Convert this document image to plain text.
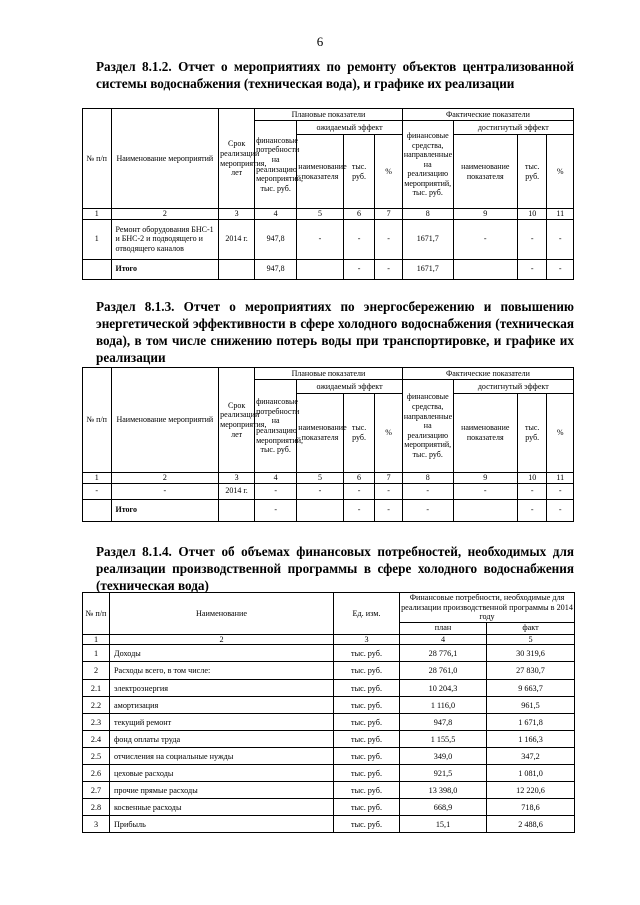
6
Раздел 8.1.2. Отчет о мероприятиях по ремонту объектов централизованной системы водоснабжения (техническая вода), и графике их реализации
№ п/п	Наименование мероприятий	Срок реализации мероприятия, лет	Плановые показатели				Фактические показатели			
			финансовые потребности на реализацию мероприятий, тыс. руб.	ожидаемый эффект			финансовые средства, направленные на реализацию мероприятий, тыс. руб.	достигнутый эффект		
				наименование показателя	тыс. руб.	%		наименование показателя	тыс. руб.	%
1	2	3	4	5	6	7	8	9	10	11
1	Ремонт оборудования БНС-1 и БНС-2 и подводящего и отводящего каналов	2014 г.	947,8	-	-	-	1671,7	-	-	-
	Итого		947,8		-	-	1671,7		-	-
Раздел 8.1.3. Отчет о мероприятиях по энергосбережению и повышению энергетической эффективности в сфере холодного водоснабжения (техническая вода), в том числе снижению потерь воды при транспортировке, и графике их реализации
№ п/п	Наименование мероприятий	Срок реализации мероприятия, лет	Плановые показатели				Фактические показатели			
			финансовые потребности на реализацию мероприятий, тыс. руб.	ожидаемый эффект			финансовые средства, направленные на реализацию мероприятий, тыс. руб.	достигнутый эффект		
				наименование показателя	тыс. руб.	%		наименование показателя	тыс. руб.	%
1	2	3	4	5	6	7	8	9	10	11
-	-	2014 г.	-	-	-	-	-	-	-	-
	Итого		-		-	-	-		-	-
Раздел 8.1.4. Отчет об объемах финансовых потребностей, необходимых для реализации производственной программы в сфере холодного водоснабжения (техническая вода)
№ п/п	Наименование	Ед. изм.	Финансовые потребности, необходимые для реализации производственной программы в 2014 году	
			план	факт
1	2	3	4	5
1	Доходы	тыс. руб.	28 776,1	30 319,6
2	Расходы всего, в том числе:	тыс. руб.	28 761,0	27 830,7
2.1	электроэнергия	тыс. руб.	10 204,3	9 663,7
2.2	амортизация	тыс. руб.	1 116,0	961,5
2.3	текущий ремонт	тыс. руб.	947,8	1 671,8
2.4	фонд оплаты труда	тыс. руб.	1 155,5	1 166,3
2.5	отчисления на социальные нужды	тыс. руб.	349,0	347,2
2.6	цеховые расходы	тыс. руб.	921,5	1 081,0
2.7	прочие прямые расходы	тыс. руб.	13 398,0	12 220,6
2.8	косвенные расходы	тыс. руб.	668,9	718,6
3	Прибыль	тыс. руб.	15,1	2 488,6
